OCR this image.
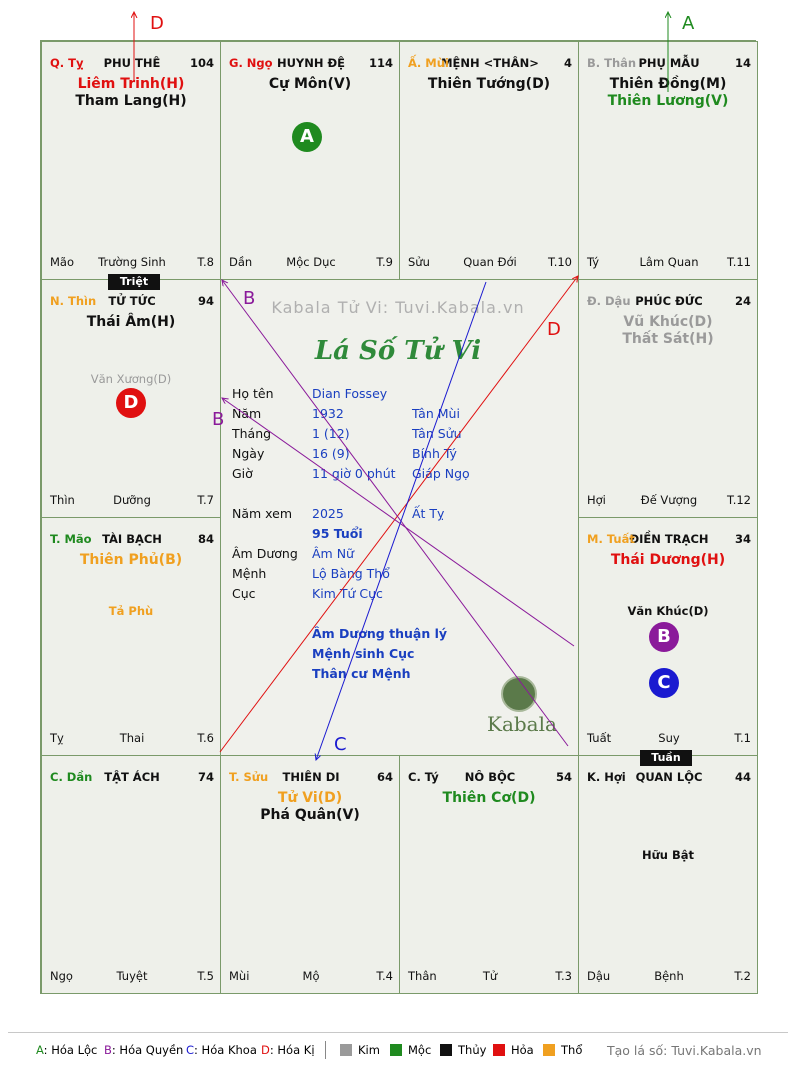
PHU THÊ
Q. Tỵ	104
Liêm Trinh(H)
Tham Lang(H)
Mão	Trường Sinh	T.8
HUYNH ĐỆ
G. Ngọ	114
Cự Môn(V)
Dần	Mộc Dục	T.9
MỆNH <THÂN>
Ấ. Mùi	4
Thiên Tướng(D)
Sửu	Quan Đới	T.10
PHỤ MẪU
B. Thân	14
Thiên Đồng(M)
Thiên Lương(V)
Tý	Lâm Quan	T.11
TỬ TỨC
N. Thìn	94
Thái Âm(H)
Văn Xương(D)
Thìn	Dưỡng	T.7
PHÚC ĐỨC
Đ. Dậu	24
Vũ Khúc(D)
Thất Sát(H)
Hợi	Đế Vượng	T.12
TÀI BẠCH
T. Mão	84
Thiên Phủ(B)
Tả Phù
Tỵ	Thai	T.6
ĐIỀN TRẠCH
M. Tuất	34
Thái Dương(H)
Văn Khúc(D)
Tuất	Suy	T.1
TẬT ÁCH
C. Dần	74
Ngọ	Tuyệt	T.5
THIÊN DI
T. Sửu	64
Tử Vi(D)
Phá Quân(V)
Mùi	Mộ	T.4
NÔ BỘC
C. Tý	54
Thiên Cơ(D)
Thân	Tử	T.3
QUAN LỘC
K. Hợi	44
Hữu Bật
Dậu	Bệnh	T.2
A
D
B
C
Triệt
Tuần
Kabala Tử Vi: Tuvi.Kabala.vn
Lá Số Tử Vi
Kabala
Họ tên	Dian Fossey
Năm	1932	Tân Mùi
Tháng	1 (12)	Tân Sửu
Ngày	16 (9)	Bính Tý
Giờ	11 giờ 0 phút Giáp Ngọ
Năm xem 2025	Ất Tỵ
95 Tuổi
Âm Dương Âm Nữ
Mệnh	Lộ Bàng Thổ
Cục	Kim Tứ Cục
Âm Dương thuận lý
Mệnh sinh Cục
Thân cư Mệnh
D	A
B
B
D
C
A: Hóa Lộc B: Hóa Quyền C: Hóa Khoa D: Hóa Kị	Kim	Mộc	Thủy	Hỏa	Thổ Tạo lá số: Tuvi.Kabala.vn
